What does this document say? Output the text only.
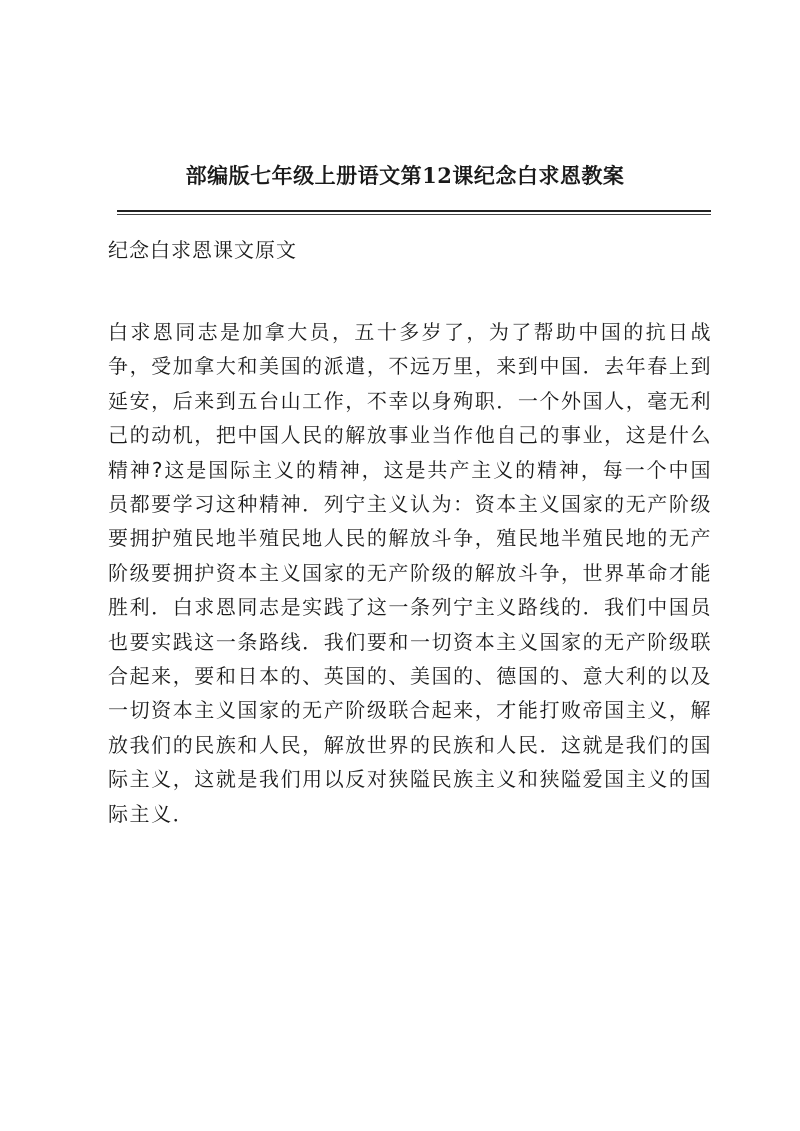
部编版七年级上册语文第12课纪念白求恩教案
纪念白求恩课文原文
白求恩同志是加拿大员，五十多岁了，为了帮助中国的抗日战争，受加拿大和美国的派遣，不远万里，来到中国．去年春上到延安，后来到五台山工作，不幸以身殉职．一个外国人，毫无利己的动机，把中国人民的解放事业当作他自己的事业，这是什么精神?这是国际主义的精神，这是共产主义的精神，每一个中国员都要学习这种精神．列宁主义认为：资本主义国家的无产阶级要拥护殖民地半殖民地人民的解放斗争，殖民地半殖民地的无产阶级要拥护资本主义国家的无产阶级的解放斗争，世界革命才能胜利．白求恩同志是实践了这一条列宁主义路线的．我们中国员也要实践这一条路线．我们要和一切资本主义国家的无产阶级联合起来，要和日本的、英国的、美国的、德国的、意大利的以及一切资本主义国家的无产阶级联合起来，才能打败帝国主义，解放我们的民族和人民，解放世界的民族和人民．这就是我们的国际主义，这就是我们用以反对狭隘民族主义和狭隘爱国主义的国际主义．
